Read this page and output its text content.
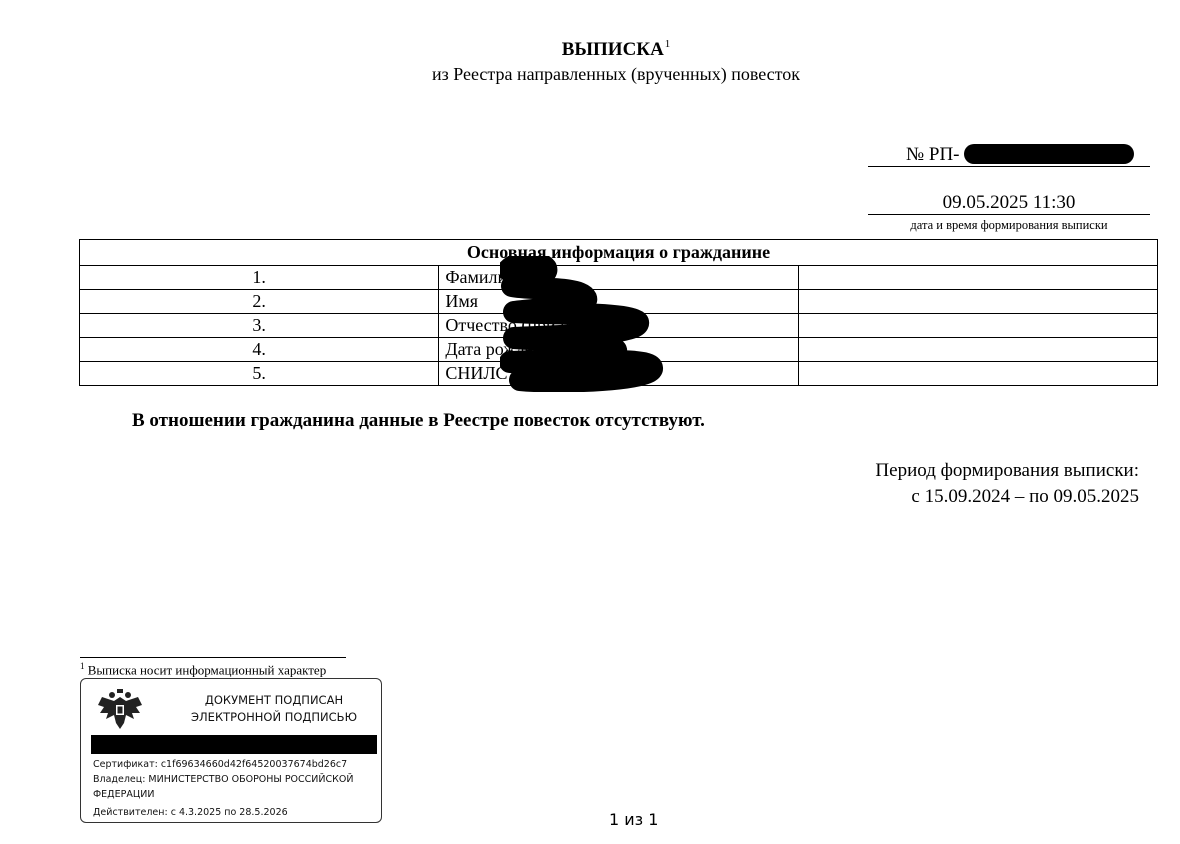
ВЫПИСКА$^1$
из Реестра направленных (врученных) повесток
№ РП-
09.05.2025 11:30
дата и время формирования выписки
Основная информация о гражданине		
1.	Фамилия	
2.	Имя	
3.	Отчество (при наличии)	
4.	Дата рождения	
5.	СНИЛС	
В отношении гражданина данные в Реестре повесток отсутствуют.
Период формирования выписки:
с 15.09.2024 – по 09.05.2025
$^1$ Выписка носит информационный характер
ДОКУМЕНТ ПОДПИСАН
ЭЛЕКТРОННОЙ ПОДПИСЬЮ
Сертификат: c1f69634660d42f64520037674bd26c7
Владелец: МИНИСТЕРСТВО ОБОРОНЫ РОССИЙСКОЙ ФЕДЕРАЦИИ
Действителен: с 4.3.2025 по 28.5.2026	1 из 1
